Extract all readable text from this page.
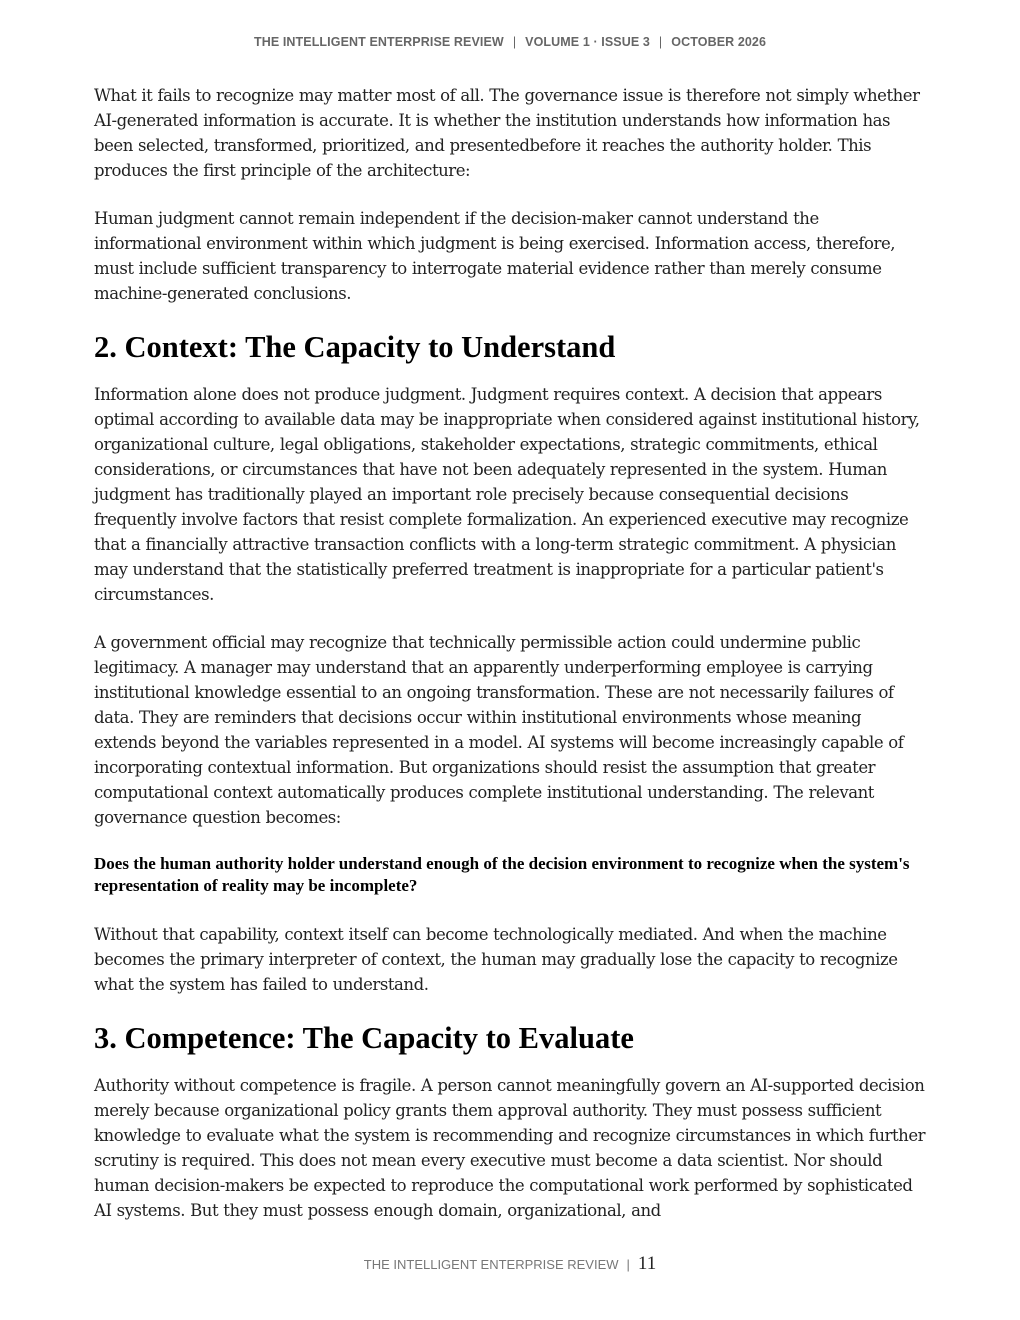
THE INTELLIGENT ENTERPRISE REVIEW | VOLUME 1 · ISSUE 3 | OCTOBER 2026

What it fails to recognize may matter most of all. The governance issue is therefore not simply whether AI-generated information is accurate. It is whether the institution understands how information has been selected, transformed, prioritized, and presentedbefore it reaches the authority holder. This produces the first principle of the architecture:

Human judgment cannot remain independent if the decision-maker cannot understand the informational environment within which judgment is being exercised. Information access, therefore, must include sufficient transparency to interrogate material evidence rather than merely consume machine-generated conclusions.

2. Context: The Capacity to Understand

Information alone does not produce judgment. Judgment requires context. A decision that appears optimal according to available data may be inappropriate when considered against institutional history, organizational culture, legal obligations, stakeholder expectations, strategic commitments, ethical considerations, or circumstances that have not been adequately represented in the system. Human judgment has traditionally played an important role precisely because consequential decisions frequently involve factors that resist complete formalization. An experienced executive may recognize that a financially attractive transaction conflicts with a long-term strategic commitment. A physician may understand that the statistically preferred treatment is inappropriate for a particular patient's circumstances.

A government official may recognize that technically permissible action could undermine public legitimacy. A manager may understand that an apparently underperforming employee is carrying institutional knowledge essential to an ongoing transformation. These are not necessarily failures of data. They are reminders that decisions occur within institutional environments whose meaning extends beyond the variables represented in a model. AI systems will become increasingly capable of incorporating contextual information. But organizations should resist the assumption that greater computational context automatically produces complete institutional understanding. The relevant governance question becomes:

Does the human authority holder understand enough of the decision environment to recognize when the system's representation of reality may be incomplete?

Without that capability, context itself can become technologically mediated. And when the machine becomes the primary interpreter of context, the human may gradually lose the capacity to recognize what the system has failed to understand.

3. Competence: The Capacity to Evaluate

Authority without competence is fragile. A person cannot meaningfully govern an AI-supported decision merely because organizational policy grants them approval authority. They must possess sufficient knowledge to evaluate what the system is recommending and recognize circumstances in which further scrutiny is required. This does not mean every executive must become a data scientist. Nor should human decision-makers be expected to reproduce the computational work performed by sophisticated AI systems. But they must possess enough domain, organizational, and

THE INTELLIGENT ENTERPRISE REVIEW | 11
